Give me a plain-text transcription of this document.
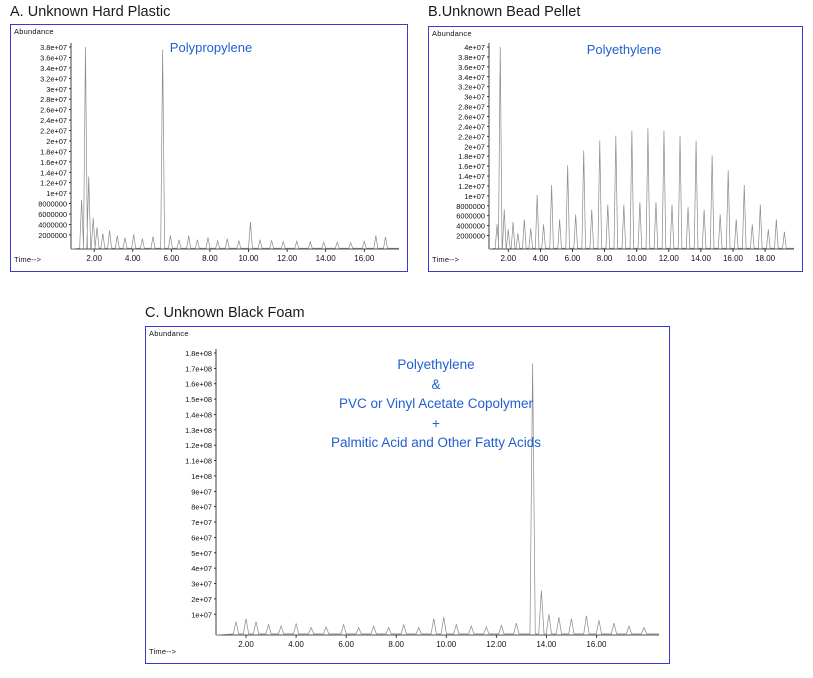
A. Unknown Hard Plastic
Abundance
Polypropylene
Time-->
3.8e+07
3.6e+07
3.4e+07
3.2e+07
3e+07
2.8e+07
2.6e+07
2.4e+07
2.2e+07
2e+07
1.8e+07
1.6e+07
1.4e+07
1.2e+07
1e+07
8000000
6000000
4000000
2000000
2.00	4.00	6.00	8.00	10.00 12.00 14.00 16.00
B.Unknown Bead Pellet
Abundance
Polyethylene
Time-->
4e+07
3.8e+07
3.6e+07
3.4e+07
3.2e+07
3e+07
2.8e+07
2.6e+07
2.4e+07
2.2e+07
2e+07
1.8e+07
1.6e+07
1.4e+07
1.2e+07
1e+07
8000000
6000000
4000000
2000000
2.00 4.00 6.00 8.00 10.00 12.00 14.00 16.00 18.00
C. Unknown Black Foam
Abundance
Polyethylene
&
PVC or Vinyl Acetate Copolymer
+
Palmitic Acid and Other Fatty Acids
Time-->
1.8e+08
1.7e+08
1.6e+08
1.5e+08
1.4e+08
1.3e+08
1.2e+08
1.1e+08
1e+08
9e+07
8e+07
7e+07
6e+07
5e+07
4e+07
3e+07
2e+07
1e+07
2.00	4.00	6.00	8.00	10.00	12.00	14.00	16.00
